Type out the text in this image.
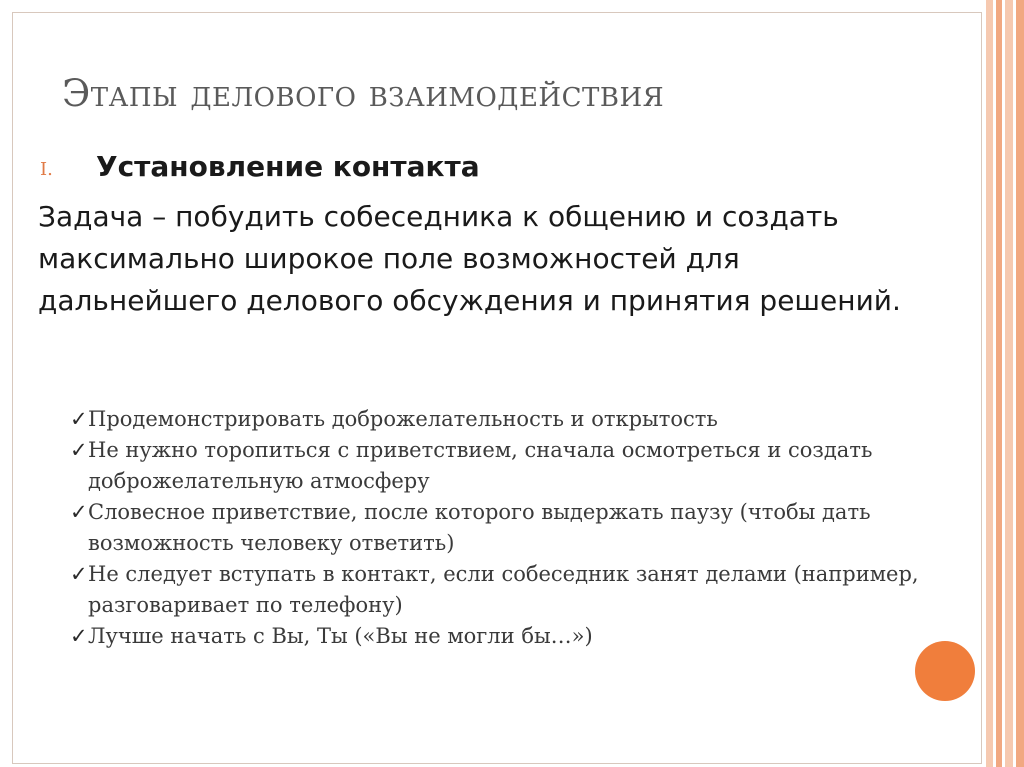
Этапы делового взаимодействия
I. Установление контакта

Задача – побудить собеседника к общению и создать максимально широкое поле возможностей для дальнейшего делового обсуждения и принятия решений.

✓ Продемонстрировать доброжелательность и открытость
✓ Не нужно торопиться с приветствием, сначала осмотреться и создать доброжелательную атмосферу
✓ Словесное приветствие, после которого выдержать паузу (чтобы дать возможность человеку ответить)
✓ Не следует вступать в контакт, если собеседник занят делами (например, разговаривает по телефону)
✓ Лучше начать с Вы, Ты («Вы не могли бы…»)
